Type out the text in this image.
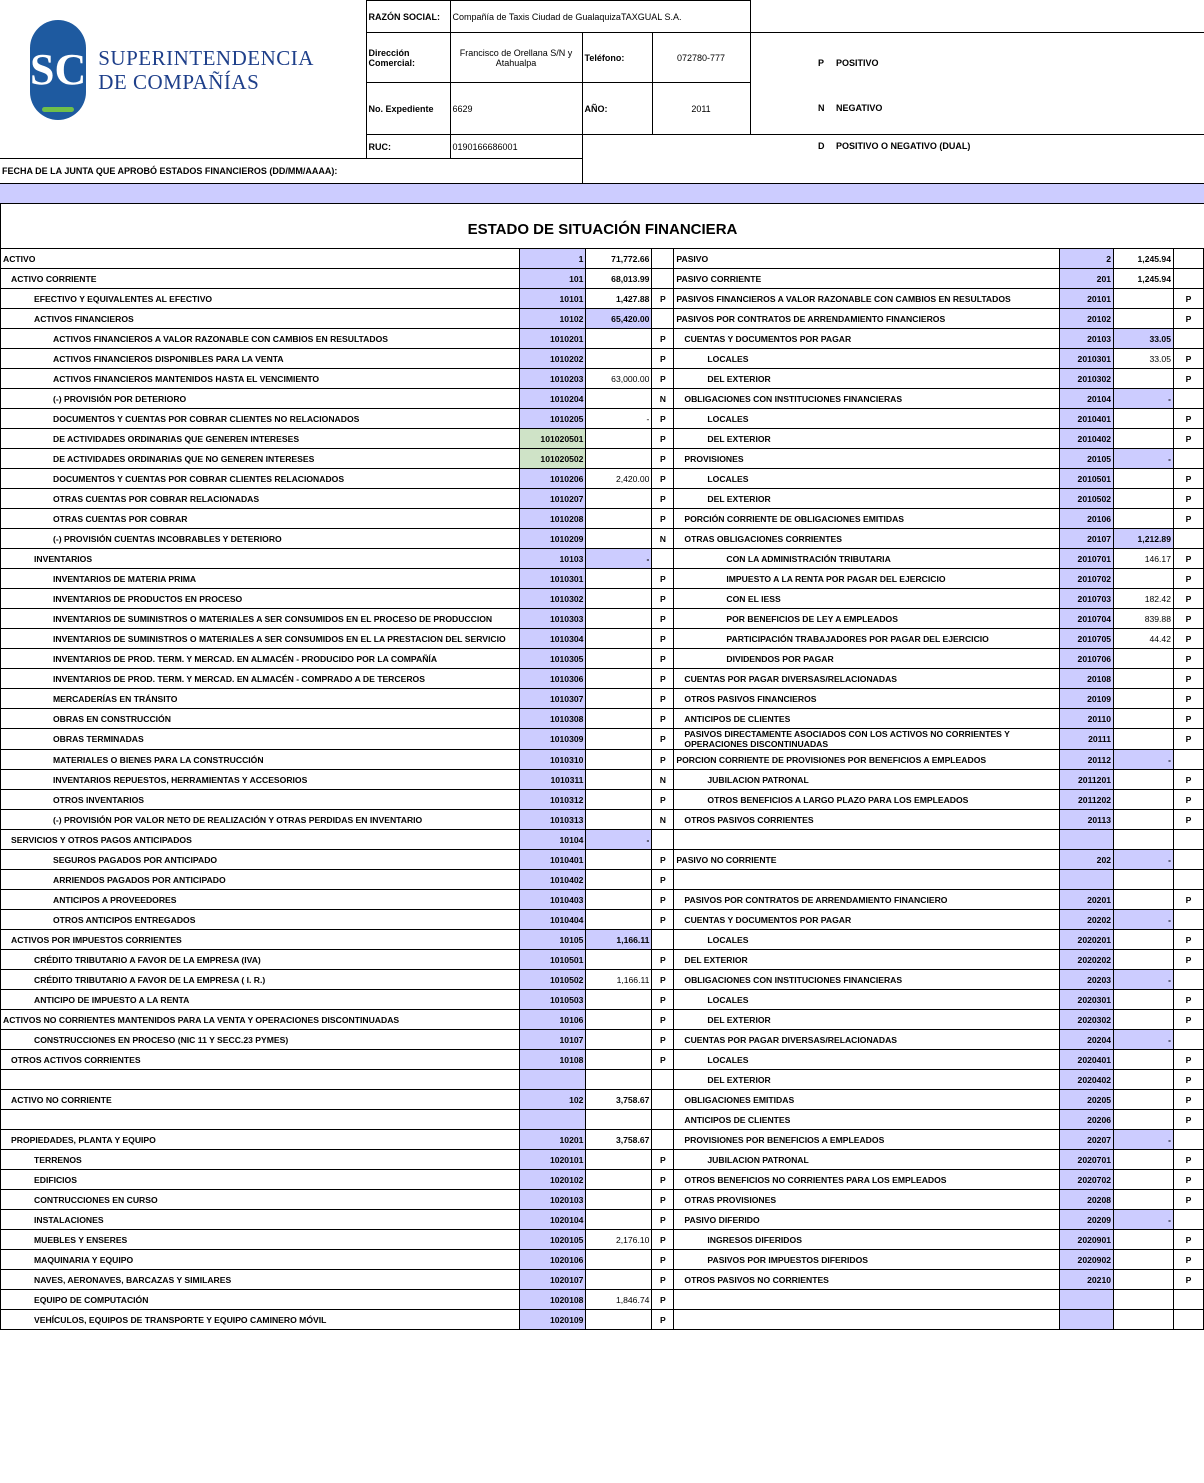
SC SUPERINTENDENCIA
DE COMPAÑÍAS	RAZÓN SOCIAL:	Compañía de Taxis Ciudad de GualaquizaTAXGUAL S.A.			
	Dirección Comercial:	Francisco de Orellana S/N y Atahualpa	Teléfono:	072780-777	
	No. Expediente	6629	AÑO:	2011	
	RUC:	0190166686001			
FECHA DE LA JUNTA QUE APROBÓ ESTADOS FINANCIEROS (DD/MM/AAAA):					
P POSITIVO
N NEGATIVO
D POSITIVO O NEGATIVO (DUAL)
ESTADO DE SITUACIÓN FINANCIERA
ACTIVO	1	71,772.66		PASIVO	2	1,245.94	
ACTIVO CORRIENTE	101	68,013.99		PASIVO CORRIENTE	201	1,245.94	
EFECTIVO Y EQUIVALENTES AL EFECTIVO	10101	1,427.88	P	PASIVOS FINANCIEROS A VALOR RAZONABLE CON CAMBIOS EN RESULTADOS	20101		P
ACTIVOS FINANCIEROS	10102	65,420.00		PASIVOS POR CONTRATOS DE ARRENDAMIENTO FINANCIEROS	20102		P
ACTIVOS FINANCIEROS A VALOR RAZONABLE CON CAMBIOS EN RESULTADOS	1010201		P	CUENTAS Y DOCUMENTOS POR PAGAR	20103	33.05	
ACTIVOS FINANCIEROS DISPONIBLES PARA LA VENTA	1010202		P	LOCALES	2010301	33.05	P
ACTIVOS FINANCIEROS MANTENIDOS HASTA EL VENCIMIENTO	1010203	63,000.00	P	DEL EXTERIOR	2010302		P
(-) PROVISIÓN POR DETERIORO	1010204		N	OBLIGACIONES CON INSTITUCIONES FINANCIERAS	20104	-	
DOCUMENTOS Y CUENTAS POR COBRAR CLIENTES NO RELACIONADOS	1010205	-	P	LOCALES	2010401		P
DE ACTIVIDADES ORDINARIAS QUE GENEREN INTERESES	101020501		P	DEL EXTERIOR	2010402		P
DE ACTIVIDADES ORDINARIAS QUE NO GENEREN INTERESES	101020502		P	PROVISIONES	20105	-	
DOCUMENTOS Y CUENTAS POR COBRAR CLIENTES RELACIONADOS	1010206	2,420.00	P	LOCALES	2010501		P
OTRAS CUENTAS POR COBRAR RELACIONADAS	1010207		P	DEL EXTERIOR	2010502		P
OTRAS CUENTAS POR COBRAR	1010208		P	PORCIÓN CORRIENTE DE OBLIGACIONES EMITIDAS	20106		P
(-) PROVISIÓN CUENTAS INCOBRABLES Y DETERIORO	1010209		N	OTRAS OBLIGACIONES CORRIENTES	20107	1,212.89	
INVENTARIOS	10103	-		CON LA ADMINISTRACIÓN TRIBUTARIA	2010701	146.17	P
INVENTARIOS DE MATERIA PRIMA	1010301		P	IMPUESTO A LA RENTA POR PAGAR DEL EJERCICIO	2010702		P
INVENTARIOS DE PRODUCTOS EN PROCESO	1010302		P	CON EL IESS	2010703	182.42	P
INVENTARIOS DE SUMINISTROS O MATERIALES A SER CONSUMIDOS EN EL PROCESO DE PRODUCCION	1010303		P	POR BENEFICIOS DE LEY A EMPLEADOS	2010704	839.88	P
INVENTARIOS DE SUMINISTROS O MATERIALES A SER CONSUMIDOS EN EL LA PRESTACION DEL SERVICIO	1010304		P	PARTICIPACIÓN TRABAJADORES POR PAGAR DEL EJERCICIO	2010705	44.42	P
INVENTARIOS DE PROD. TERM. Y MERCAD. EN ALMACÉN - PRODUCIDO POR LA COMPAÑÍA	1010305		P	DIVIDENDOS POR PAGAR	2010706		P
INVENTARIOS DE PROD. TERM. Y MERCAD. EN ALMACÉN - COMPRADO A DE TERCEROS	1010306		P	CUENTAS POR PAGAR DIVERSAS/RELACIONADAS	20108		P
MERCADERÍAS EN TRÁNSITO	1010307		P	OTROS PASIVOS FINANCIEROS	20109		P
OBRAS EN CONSTRUCCIÓN	1010308		P	ANTICIPOS DE CLIENTES	20110		P
OBRAS TERMINADAS	1010309		P	PASIVOS DIRECTAMENTE ASOCIADOS CON LOS ACTIVOS NO CORRIENTES Y OPERACIONES DISCONTINUADAS	20111		P
MATERIALES O BIENES PARA LA CONSTRUCCIÓN	1010310		P	PORCION CORRIENTE DE PROVISIONES POR BENEFICIOS A EMPLEADOS	20112	-	
INVENTARIOS REPUESTOS, HERRAMIENTAS Y ACCESORIOS	1010311		N	JUBILACION PATRONAL	2011201		P
OTROS INVENTARIOS	1010312		P	OTROS BENEFICIOS A LARGO PLAZO PARA LOS EMPLEADOS	2011202		P
(-) PROVISIÓN POR VALOR NETO DE REALIZACIÓN Y OTRAS PERDIDAS EN INVENTARIO	1010313		N	OTROS PASIVOS CORRIENTES	20113		P
SERVICIOS Y OTROS PAGOS ANTICIPADOS	10104	-					
SEGUROS PAGADOS POR ANTICIPADO	1010401		P	PASIVO NO CORRIENTE	202	-	
ARRIENDOS PAGADOS POR ANTICIPADO	1010402		P				
ANTICIPOS A PROVEEDORES	1010403		P	PASIVOS POR CONTRATOS DE ARRENDAMIENTO FINANCIERO	20201		P
OTROS ANTICIPOS ENTREGADOS	1010404		P	CUENTAS Y DOCUMENTOS POR PAGAR	20202	-	
ACTIVOS POR IMPUESTOS CORRIENTES	10105	1,166.11		LOCALES	2020201		P
CRÉDITO TRIBUTARIO A FAVOR DE LA EMPRESA (IVA)	1010501		P	DEL EXTERIOR	2020202		P
CRÉDITO TRIBUTARIO A FAVOR DE LA EMPRESA ( I. R.)	1010502	1,166.11	P	OBLIGACIONES CON INSTITUCIONES FINANCIERAS	20203	-	
ANTICIPO DE IMPUESTO A LA RENTA	1010503		P	LOCALES	2020301		P
ACTIVOS NO CORRIENTES MANTENIDOS PARA LA VENTA Y OPERACIONES DISCONTINUADAS	10106		P	DEL EXTERIOR	2020302		P
CONSTRUCCIONES EN PROCESO (NIC 11 Y SECC.23 PYMES)	10107		P	CUENTAS POR PAGAR DIVERSAS/RELACIONADAS	20204	-	
OTROS ACTIVOS CORRIENTES	10108		P	LOCALES	2020401		P
				DEL EXTERIOR	2020402		P
ACTIVO NO CORRIENTE	102	3,758.67		OBLIGACIONES EMITIDAS	20205		P
				ANTICIPOS DE CLIENTES	20206		P
PROPIEDADES, PLANTA Y EQUIPO	10201	3,758.67		PROVISIONES POR BENEFICIOS A EMPLEADOS	20207	-	
TERRENOS	1020101		P	JUBILACION PATRONAL	2020701		P
EDIFICIOS	1020102		P	OTROS BENEFICIOS NO CORRIENTES PARA LOS EMPLEADOS	2020702		P
CONTRUCCIONES EN CURSO	1020103		P	OTRAS PROVISIONES	20208		P
INSTALACIONES	1020104		P	PASIVO DIFERIDO	20209	-	
MUEBLES Y ENSERES	1020105	2,176.10	P	INGRESOS DIFERIDOS	2020901		P
MAQUINARIA Y EQUIPO	1020106		P	PASIVOS POR IMPUESTOS DIFERIDOS	2020902		P
NAVES, AERONAVES, BARCAZAS Y SIMILARES	1020107		P	OTROS PASIVOS NO CORRIENTES	20210		P
EQUIPO DE COMPUTACIÓN	1020108	1,846.74	P				
VEHÍCULOS, EQUIPOS DE TRANSPORTE Y EQUIPO CAMINERO MÓVIL	1020109		P				
